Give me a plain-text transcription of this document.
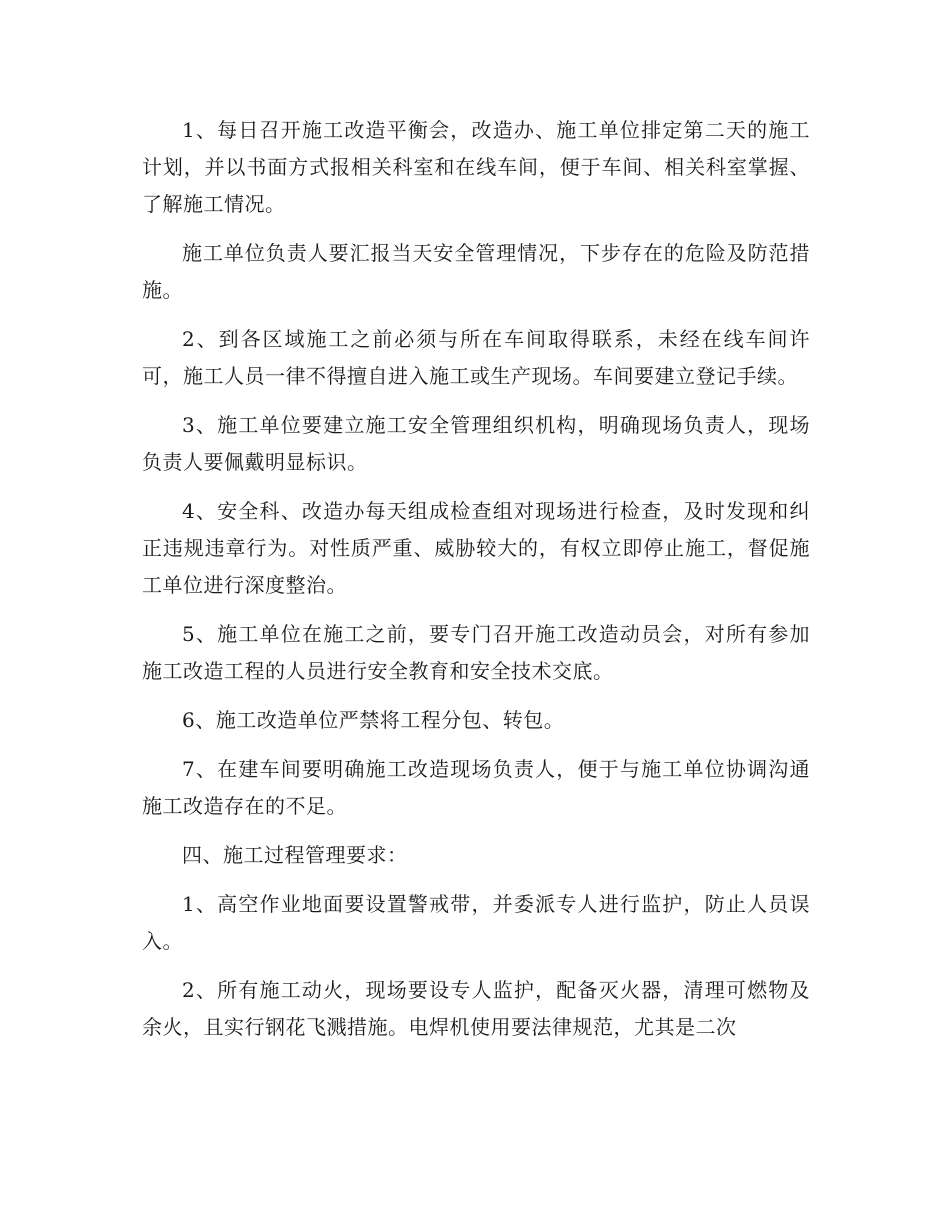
1、每日召开施工改造平衡会，改造办、施工单位排定第二天的施工计划，并以书面方式报相关科室和在线车间，便于车间、相关科室掌握、了解施工情况。

施工单位负责人要汇报当天安全管理情况，下步存在的危险及防范措施。

2、到各区域施工之前必须与所在车间取得联系，未经在线车间许可，施工人员一律不得擅自进入施工或生产现场。车间要建立登记手续。

3、施工单位要建立施工安全管理组织机构，明确现场负责人，现场负责人要佩戴明显标识。

4、安全科、改造办每天组成检查组对现场进行检查，及时发现和纠正违规违章行为。对性质严重、威胁较大的，有权立即停止施工，督促施工单位进行深度整治。

5、施工单位在施工之前，要专门召开施工改造动员会，对所有参加施工改造工程的人员进行安全教育和安全技术交底。

6、施工改造单位严禁将工程分包、转包。

7、在建车间要明确施工改造现场负责人，便于与施工单位协调沟通施工改造存在的不足。

四、施工过程管理要求：

1、高空作业地面要设置警戒带，并委派专人进行监护，防止人员误入。

2、所有施工动火，现场要设专人监护，配备灭火器，清理可燃物及余火，且实行钢花飞溅措施。电焊机使用要法律规范，尤其是二次
